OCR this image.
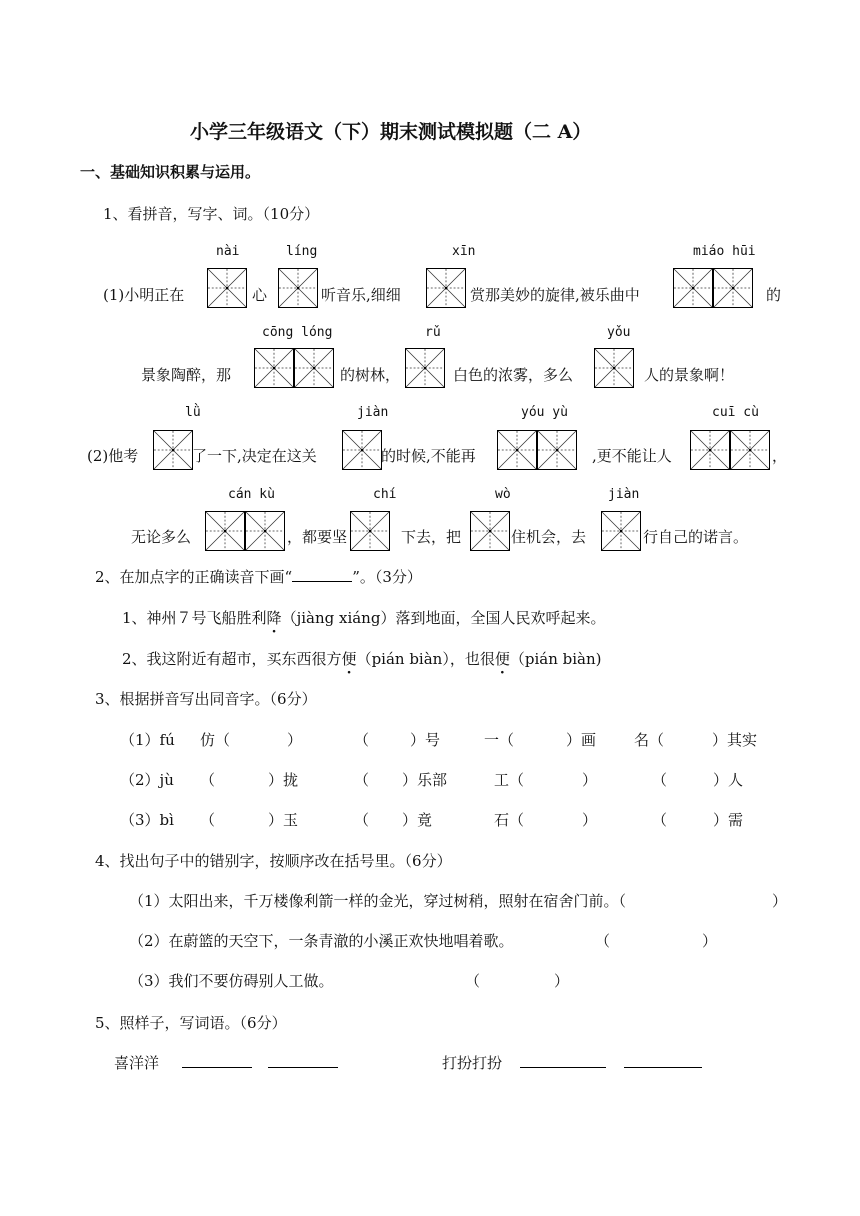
小学三年级语文（下）期末测试模拟题（二 A）
一、基础知识积累与运用。
1、看拼音，写字、词。（10分）
nài	líng	xīn	miáo hūi
(1)小明正在	心	听音乐,细细	赏那美妙的旋律,被乐曲中	的
cōng lóng	rǔ	yǒu
景象陶醉，那	的树林，	白色的浓雾，多么	人的景象啊！
lǜ	jiàn	yóu yù	cuī cù
(2)他考	了一下,决定在这关	的时候,不能再	,更不能让人	，
cán kù	chí	wò	jiàn
无论多么	，都要坚	下去，把	住机会，去	行自己的诺言。
2、在加点字的正确读音下画“	”。（3分）
1、神州７号飞船胜利降（jiàng xiáng）落到地面，全国人民欢呼起来。
2、我这附近有超市，买东西很方便（pián biàn），也很便（pián biàn)
3、根据拼音写出同音字。（6分）
（1）fú 仿（	）	（	）号	一（	）画	名（	）其实
（2）jù （	）拢	（ ）乐部	工（	）	（	）人
（3）bì （	）玉	（ ）竟	石（	）	（	）需
4、找出句子中的错别字，按顺序改在括号里。（6分）
（1）太阳出来，千万楼像利箭一样的金光，穿过树稍，照射在宿舍门前。（	）
（2）在蔚篮的天空下，一条青澈的小溪正欢快地唱着歌。	（	）
（3）我们不要仿碍别人工做。	（	）
5、照样子，写词语。（6分）
喜洋洋	打扮打扮
